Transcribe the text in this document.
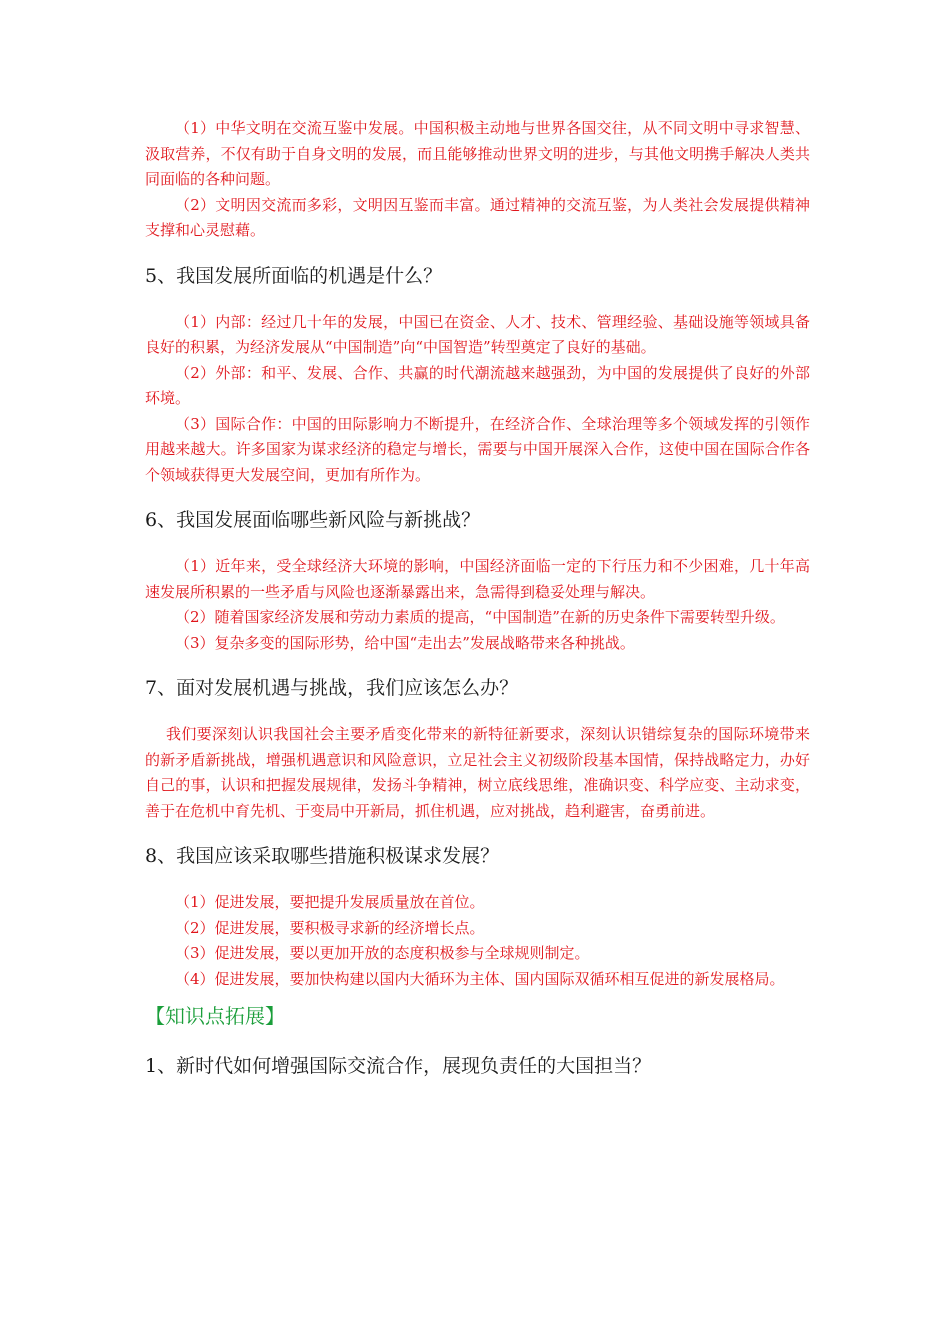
（1）中华文明在交流互鉴中发展。中国积极主动地与世界各国交往，从不同文明中寻求智慧、汲取营养，不仅有助于自身文明的发展，而且能够推动世界文明的进步，与其他文明携手解决人类共同面临的各种问题。

（2）文明因交流而多彩，文明因互鉴而丰富。通过精神的交流互鉴，为人类社会发展提供精神支撑和心灵慰藉。

5、我国发展所面临的机遇是什么？

（1）内部：经过几十年的发展，中国已在资金、人才、技术、管理经验、基础设施等领域具备良好的积累，为经济发展从“中国制造”向“中国智造”转型奠定了良好的基础。

（2）外部：和平、发展、合作、共赢的时代潮流越来越强劲，为中国的发展提供了良好的外部环境。

（3）国际合作：中国的田际影响力不断提升，在经济合作、全球治理等多个领域发挥的引领作用越来越大。许多国家为谋求经济的稳定与增长，需要与中国开展深入合作，这使中国在国际合作各个领域获得更大发展空间，更加有所作为。

6、我国发展面临哪些新风险与新挑战？

（1）近年来，受全球经济大环境的影响，中国经济面临一定的下行压力和不少困难，几十年高速发展所积累的一些矛盾与风险也逐渐暴露出来，急需得到稳妥处理与解决。

（2）随着国家经济发展和劳动力素质的提高，“中国制造”在新的历史条件下需要转型升级。

（3）复杂多变的国际形势，给中国“走出去”发展战略带来各种挑战。

7、面对发展机遇与挑战，我们应该怎么办？

我们要深刻认识我国社会主要矛盾变化带来的新特征新要求，深刻认识错综复杂的国际环境带来的新矛盾新挑战，增强机遇意识和风险意识，立足社会主义初级阶段基本国情，保持战略定力，办好自己的事，认识和把握发展规律，发扬斗争精神，树立底线思维，准确识变、科学应变、主动求变，善于在危机中育先机、于变局中开新局，抓住机遇，应对挑战，趋利避害，奋勇前进。

8、我国应该采取哪些措施积极谋求发展？

（1）促进发展，要把提升发展质量放在首位。

（2）促进发展，要积极寻求新的经济增长点。

（3）促进发展，要以更加开放的态度积极参与全球规则制定。

（4）促进发展，要加快构建以国内大循环为主体、国内国际双循环相互促进的新发展格局。

【知识点拓展】
1、新时代如何增强国际交流合作，展现负责任的大国担当？
